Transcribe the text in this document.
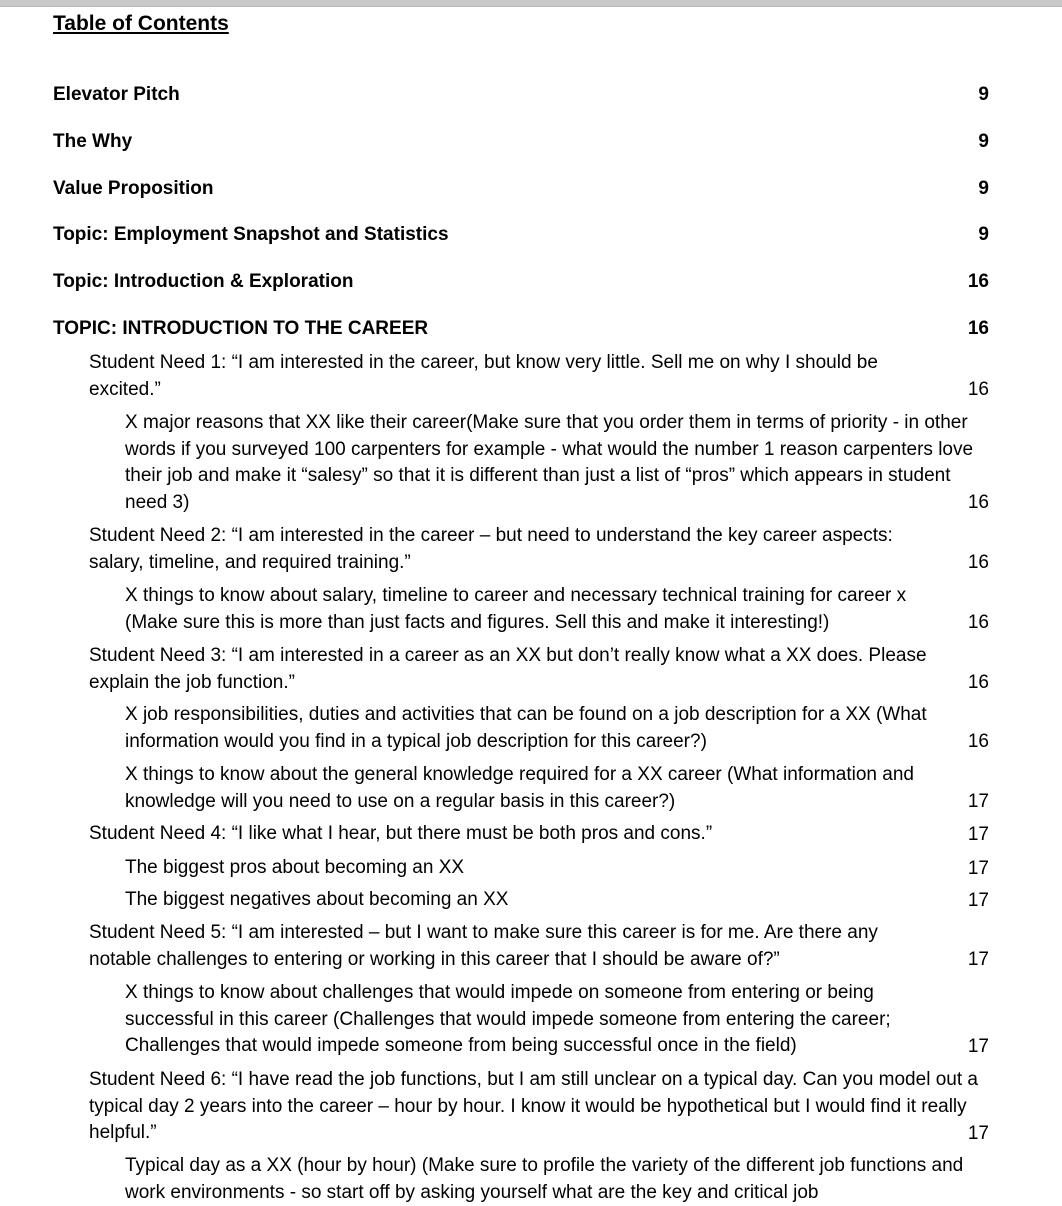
Table of Contents
Elevator Pitch	9
The Why	9
Value Proposition	9
Topic: Employment Snapshot and Statistics	9
Topic: Introduction & Exploration	16
TOPIC: INTRODUCTION TO THE CAREER	16
Student Need 1: “I am interested in the career, but know very little. Sell me on why I should be excited.”	16
X major reasons that XX like their career(Make sure that you order them in terms of priority - in other words if you surveyed 100 carpenters for example - what would the number 1 reason carpenters love their job and make it “salesy” so that it is different than just a list of “pros” which appears in student need 3)	16
Student Need 2: “I am interested in the career – but need to understand the key career aspects: salary, timeline, and required training.”	16
X things to know about salary, timeline to career and necessary technical training for career x (Make sure this is more than just facts and figures. Sell this and make it interesting!)	16
Student Need 3: “I am interested in a career as an XX but don’t really know what a XX does. Please explain the job function.”	16
X job responsibilities, duties and activities that can be found on a job description for a XX (What information would you find in a typical job description for this career?)	16
X things to know about the general knowledge required for a XX career (What information and knowledge will you need to use on a regular basis in this career?)	17
Student Need 4: “I like what I hear, but there must be both pros and cons.”	17
The biggest pros about becoming an XX	17
The biggest negatives about becoming an XX	17
Student Need 5: “I am interested – but I want to make sure this career is for me. Are there any notable challenges to entering or working in this career that I should be aware of?”	17
X things to know about challenges that would impede on someone from entering or being successful in this career (Challenges that would impede someone from entering the career; Challenges that would impede someone from being successful once in the field)	17
Student Need 6: “I have read the job functions, but I am still unclear on a typical day. Can you model out a typical day 2 years into the career – hour by hour. I know it would be hypothetical but I would find it really helpful.”	17
Typical day as a XX (hour by hour) (Make sure to profile the variety of the different job functions and work environments - so start off by asking yourself what are the key and critical job
